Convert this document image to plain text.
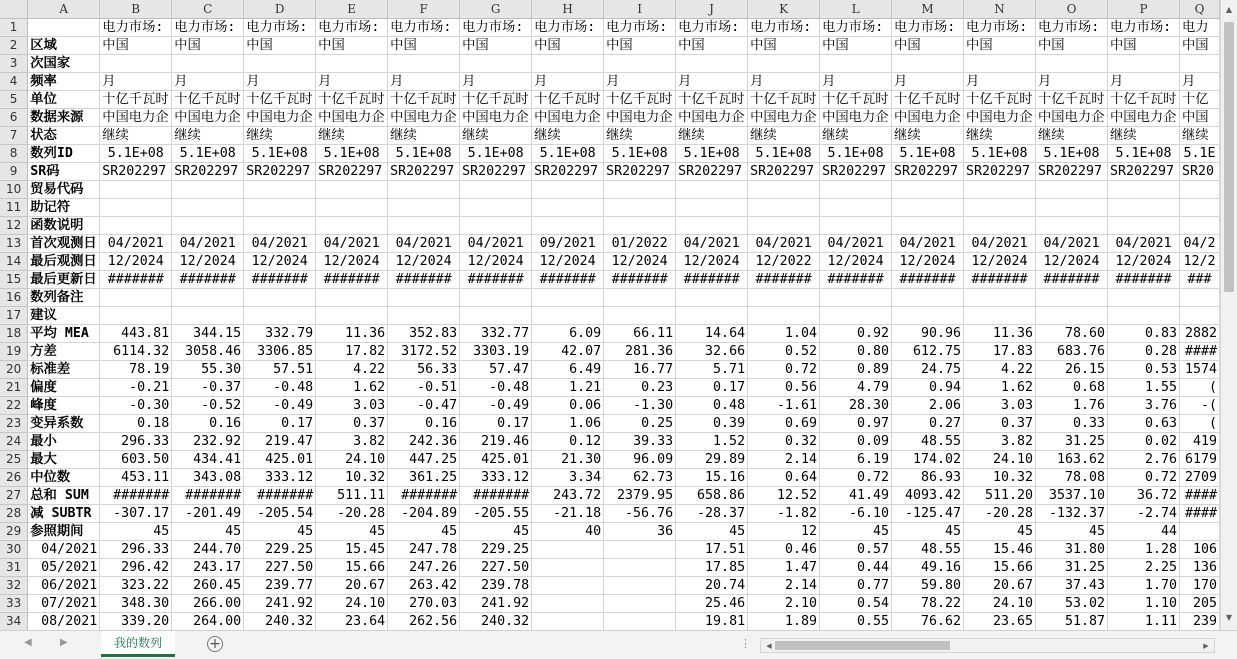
	A	B	C	D	E	F	G	H	I	J	K	L	M	N	O	P	Q
1		电力市场:	电力市场:	电力市场:	电力市场:	电力市场:	电力市场:	电力市场:	电力市场:	电力市场:	电力市场:	电力市场:	电力市场:	电力市场:	电力市场:	电力市场:	电力
2	区域	中国	中国	中国	中国	中国	中国	中国	中国	中国	中国	中国	中国	中国	中国	中国	中国
3	次国家																
4	频率	月	月	月	月	月	月	月	月	月	月	月	月	月	月	月	月
5	单位	十亿千瓦时	十亿千瓦时	十亿千瓦时	十亿千瓦时	十亿千瓦时	十亿千瓦时	十亿千瓦时	十亿千瓦时	十亿千瓦时	十亿千瓦时	十亿千瓦时	十亿千瓦时	十亿千瓦时	十亿千瓦时	十亿千瓦时	十亿
6	数据来源	中国电力企	中国电力企	中国电力企	中国电力企	中国电力企	中国电力企	中国电力企	中国电力企	中国电力企	中国电力企	中国电力企	中国电力企	中国电力企	中国电力企	中国电力企	中国
7	状态	继续	继续	继续	继续	继续	继续	继续	继续	继续	继续	继续	继续	继续	继续	继续	继续
8	数列ID	5.1E+08	5.1E+08	5.1E+08	5.1E+08	5.1E+08	5.1E+08	5.1E+08	5.1E+08	5.1E+08	5.1E+08	5.1E+08	5.1E+08	5.1E+08	5.1E+08	5.1E+08	5.1E
9	SR码	SR202297	SR202297	SR202297	SR202297	SR202297	SR202297	SR202297	SR202297	SR202297	SR202297	SR202297	SR202297	SR202297	SR202297	SR202297	SR20
10	贸易代码																
11	助记符																
12	函数说明																
13	首次观测日	04/2021	04/2021	04/2021	04/2021	04/2021	04/2021	09/2021	01/2022	04/2021	04/2021	04/2021	04/2021	04/2021	04/2021	04/2021	04/2
14	最后观测日	12/2024	12/2024	12/2024	12/2024	12/2024	12/2024	12/2024	12/2024	12/2024	12/2022	12/2024	12/2024	12/2024	12/2024	12/2024	12/2
15	最后更新日	#######	#######	#######	#######	#######	#######	#######	#######	#######	#######	#######	#######	#######	#######	#######	###
16	数列备注																
17	建议																
18	平均 MEA	443.81	344.15	332.79	11.36	352.83	332.77	6.09	66.11	14.64	1.04	0.92	90.96	11.36	78.60	0.83	2882
19	方差	6114.32	3058.46	3306.85	17.82	3172.52	3303.19	42.07	281.36	32.66	0.52	0.80	612.75	17.83	683.76	0.28	####
20	标准差	78.19	55.30	57.51	4.22	56.33	57.47	6.49	16.77	5.71	0.72	0.89	24.75	4.22	26.15	0.53	1574
21	偏度	-0.21	-0.37	-0.48	1.62	-0.51	-0.48	1.21	0.23	0.17	0.56	4.79	0.94	1.62	0.68	1.55	(
22	峰度	-0.30	-0.52	-0.49	3.03	-0.47	-0.49	0.06	-1.30	0.48	-1.61	28.30	2.06	3.03	1.76	3.76	-(
23	变异系数	0.18	0.16	0.17	0.37	0.16	0.17	1.06	0.25	0.39	0.69	0.97	0.27	0.37	0.33	0.63	(
24	最小	296.33	232.92	219.47	3.82	242.36	219.46	0.12	39.33	1.52	0.32	0.09	48.55	3.82	31.25	0.02	419
25	最大	603.50	434.41	425.01	24.10	447.25	425.01	21.30	96.09	29.89	2.14	6.19	174.02	24.10	163.62	2.76	6179
26	中位数	453.11	343.08	333.12	10.32	361.25	333.12	3.34	62.73	15.16	0.64	0.72	86.93	10.32	78.08	0.72	2709
27	总和 SUM	#######	#######	#######	511.11	#######	#######	243.72	2379.95	658.86	12.52	41.49	4093.42	511.20	3537.10	36.72	####
28	减 SUBTR	-307.17	-201.49	-205.54	-20.28	-204.89	-205.55	-21.18	-56.76	-28.37	-1.82	-6.10	-125.47	-20.28	-132.37	-2.74	####
29	参照期间	45	45	45	45	45	45	40	36	45	12	45	45	45	45	44	
30	04/2021	296.33	244.70	229.25	15.45	247.78	229.25			17.51	0.46	0.57	48.55	15.46	31.80	1.28	106
31	05/2021	296.42	243.17	227.50	15.66	247.26	227.50			17.85	1.47	0.44	49.16	15.66	31.25	2.25	136
32	06/2021	323.22	260.45	239.77	20.67	263.42	239.78			20.74	2.14	0.77	59.80	20.67	37.43	1.70	170
33	07/2021	348.30	266.00	241.92	24.10	270.03	241.92			25.46	2.10	0.54	78.22	24.10	53.02	1.10	205
34	08/2021	339.20	264.00	240.32	23.64	262.56	240.32			19.81	1.89	0.55	76.62	23.65	51.87	1.11	239
▲
▼
◀	▶	我的数列	+	⋮	◀	▶
